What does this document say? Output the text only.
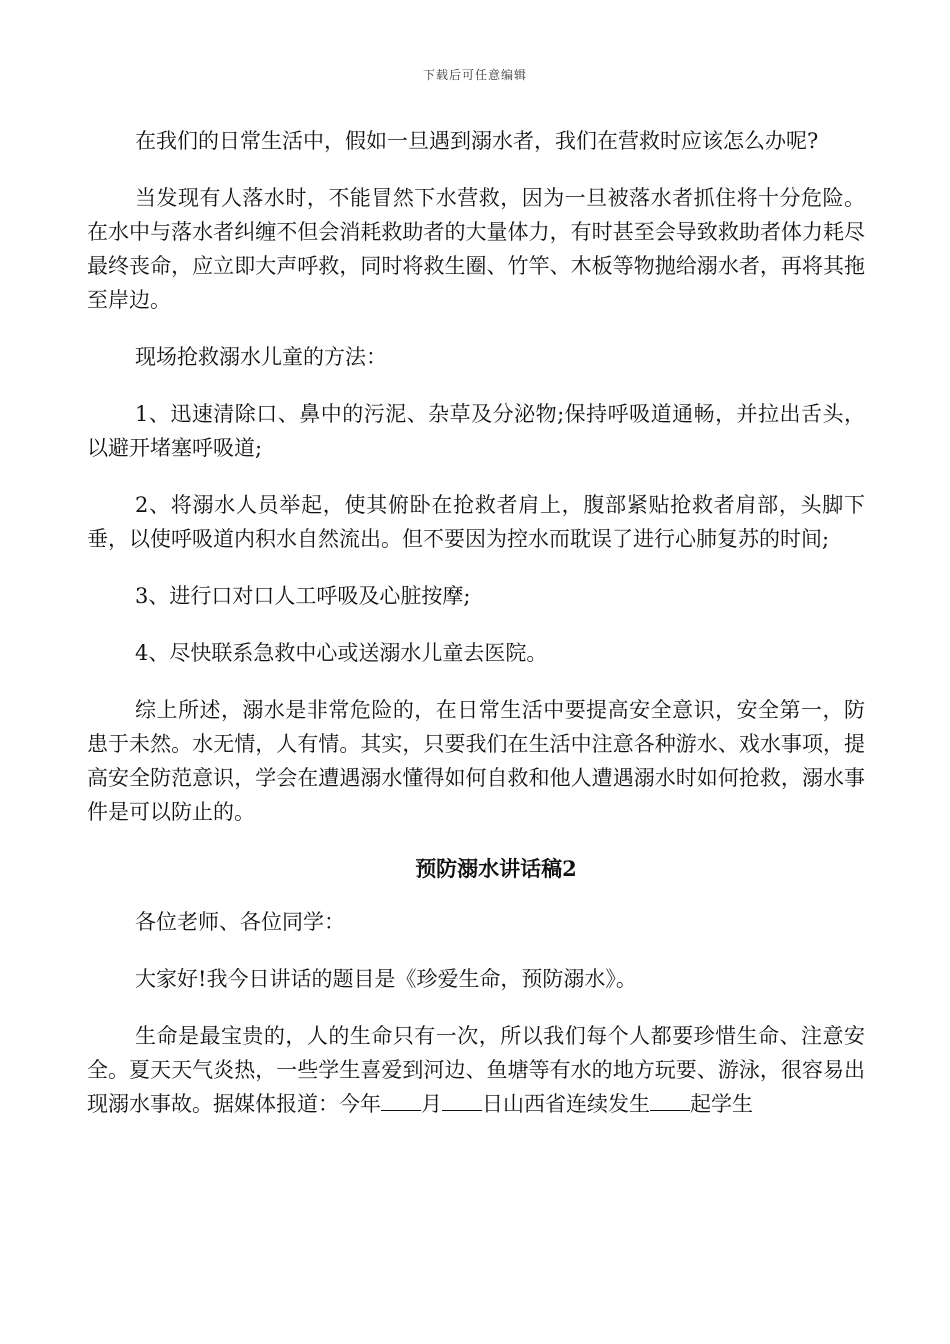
下载后可任意编辑

在我们的日常生活中，假如一旦遇到溺水者，我们在营救时应该怎么办呢?

当发现有人落水时，不能冒然下水营救，因为一旦被落水者抓住将十分危险。在水中与落水者纠缠不但会消耗救助者的大量体力，有时甚至会导致救助者体力耗尽最终丧命，应立即大声呼救，同时将救生圈、竹竿、木板等物抛给溺水者，再将其拖至岸边。

现场抢救溺水儿童的方法：

1、迅速清除口、鼻中的污泥、杂草及分泌物;保持呼吸道通畅，并拉出舌头，以避开堵塞呼吸道;

2、将溺水人员举起，使其俯卧在抢救者肩上，腹部紧贴抢救者肩部，头脚下垂，以使呼吸道内积水自然流出。但不要因为控水而耽误了进行心肺复苏的时间;

3、进行口对口人工呼吸及心脏按摩;

4、尽快联系急救中心或送溺水儿童去医院。

综上所述，溺水是非常危险的，在日常生活中要提高安全意识，安全第一，防患于未然。水无情，人有情。其实，只要我们在生活中注意各种游水、戏水事项，提高安全防范意识，学会在遭遇溺水懂得如何自救和他人遭遇溺水时如何抢救，溺水事件是可以防止的。

预防溺水讲话稿2

各位老师、各位同学：

大家好!我今日讲话的题目是《珍爱生命，预防溺水》。

生命是最宝贵的，人的生命只有一次，所以我们每个人都要珍惜生命、注意安全。夏天天气炎热，一些学生喜爱到河边、鱼塘等有水的地方玩要、游泳，很容易出现溺水事故。据媒体报道：今年 月 日山西省连续发生 起学生
